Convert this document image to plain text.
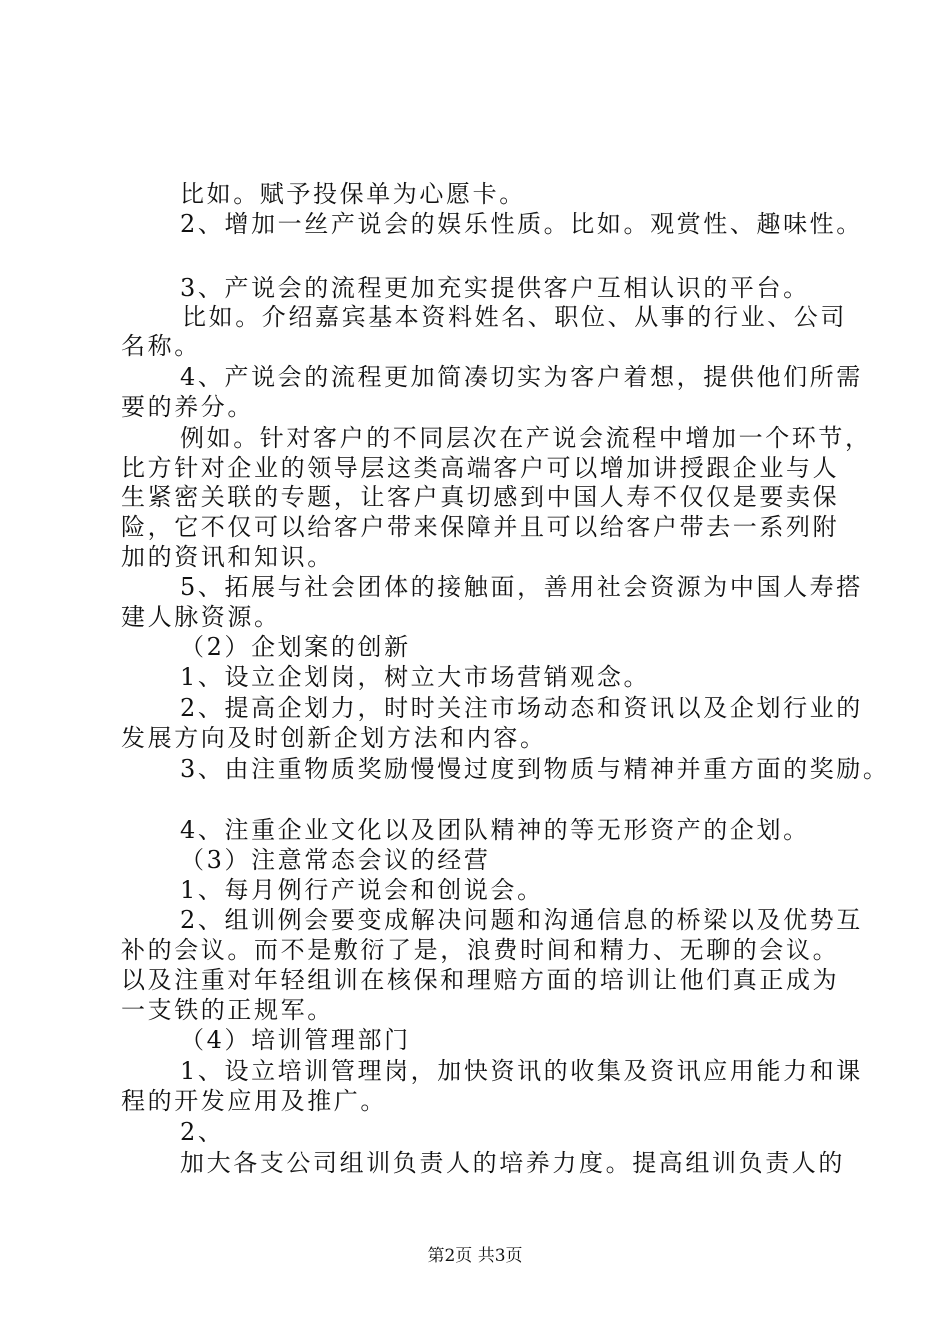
比如。赋予投保单为心愿卡。
2、增加一丝产说会的娱乐性质。比如。观赏性、趣味性。
3、产说会的流程更加充实提供客户互相认识的平台。
比如。介绍嘉宾基本资料姓名、职位、从事的行业、公司
名称。
4、产说会的流程更加简凑切实为客户着想，提供他们所需
要的养分。
例如。针对客户的不同层次在产说会流程中增加一个环节，
比方针对企业的领导层这类高端客户可以增加讲授跟企业与人
生紧密关联的专题，让客户真切感到中国人寿不仅仅是要卖保
险，它不仅可以给客户带来保障并且可以给客户带去一系列附
加的资讯和知识。
5、拓展与社会团体的接触面，善用社会资源为中国人寿搭
建人脉资源。
（2）企划案的创新
1、设立企划岗，树立大市场营销观念。
2、提高企划力，时时关注市场动态和资讯以及企划行业的
发展方向及时创新企划方法和内容。
3、由注重物质奖励慢慢过度到物质与精神并重方面的奖励。
4、注重企业文化以及团队精神的等无形资产的企划。
（3）注意常态会议的经营
1、每月例行产说会和创说会。
2、组训例会要变成解决问题和沟通信息的桥梁以及优势互
补的会议。而不是敷衍了是，浪费时间和精力、无聊的会议。
以及注重对年轻组训在核保和理赔方面的培训让他们真正成为
一支铁的正规军。
（4）培训管理部门
1、设立培训管理岗，加快资讯的收集及资讯应用能力和课
程的开发应用及推广。
2、
加大各支公司组训负责人的培养力度。提高组训负责人的
第2页 共3页
